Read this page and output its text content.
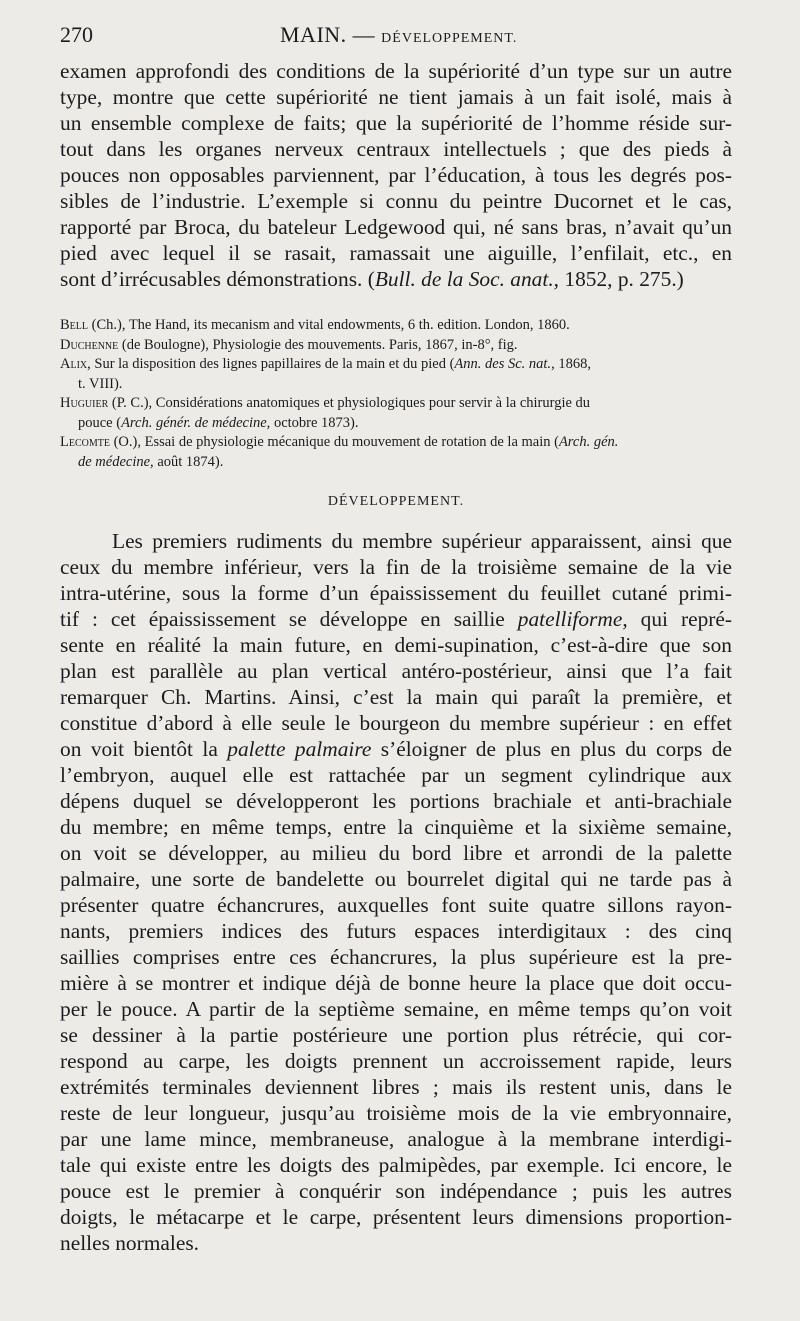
270	MAIN. — DÉVELOPPEMENT.
examen approfondi des conditions de la supériorité d’un type sur un autre
type, montre que cette supériorité ne tient jamais à un fait isolé, mais à
un ensemble complexe de faits; que la supériorité de l’homme réside sur-
tout dans les organes nerveux centraux intellectuels ; que des pieds à
pouces non opposables parviennent, par l’éducation, à tous les degrés pos-
sibles de l’industrie. L’exemple si connu du peintre Ducornet et le cas,
rapporté par Broca, du bateleur Ledgewood qui, né sans bras, n’avait qu’un
pied avec lequel il se rasait, ramassait une aiguille, l’enfilait, etc., en
sont d’irrécusables démonstrations. (Bull. de la Soc. anat., 1852, p. 275.)
Bell (Ch.), The Hand, its mecanism and vital endowments, 6 th. edition. London, 1860.
Duchenne (de Boulogne), Physiologie des mouvements. Paris, 1867, in-8°, fig.
Alix, Sur la disposition des lignes papillaires de la main et du pied (Ann. des Sc. nat., 1868,
t. VIII).
Huguier (P. C.), Considérations anatomiques et physiologiques pour servir à la chirurgie du
pouce (Arch. génér. de médecine, octobre 1873).
Lecomte (O.), Essai de physiologie mécanique du mouvement de rotation de la main (Arch. gén.
de médecine, août 1874).
DÉVELOPPEMENT.
Les premiers rudiments du membre supérieur apparaissent, ainsi que
ceux du membre inférieur, vers la fin de la troisième semaine de la vie
intra-utérine, sous la forme d’un épaississement du feuillet cutané primi-
tif : cet épaississement se développe en saillie patelliforme, qui repré-
sente en réalité la main future, en demi-supination, c’est-à-dire que son
plan est parallèle au plan vertical antéro-postérieur, ainsi que l’a fait
remarquer Ch. Martins. Ainsi, c’est la main qui paraît la première, et
constitue d’abord à elle seule le bourgeon du membre supérieur : en effet
on voit bientôt la palette palmaire s’éloigner de plus en plus du corps de
l’embryon, auquel elle est rattachée par un segment cylindrique aux
dépens duquel se développeront les portions brachiale et anti-brachiale
du membre; en même temps, entre la cinquième et la sixième semaine,
on voit se développer, au milieu du bord libre et arrondi de la palette
palmaire, une sorte de bandelette ou bourrelet digital qui ne tarde pas à
présenter quatre échancrures, auxquelles font suite quatre sillons rayon-
nants, premiers indices des futurs espaces interdigitaux : des cinq
saillies comprises entre ces échancrures, la plus supérieure est la pre-
mière à se montrer et indique déjà de bonne heure la place que doit occu-
per le pouce. A partir de la septième semaine, en même temps qu’on voit
se dessiner à la partie postérieure une portion plus rétrécie, qui cor-
respond au carpe, les doigts prennent un accroissement rapide, leurs
extrémités terminales deviennent libres ; mais ils restent unis, dans le
reste de leur longueur, jusqu’au troisième mois de la vie embryonnaire,
par une lame mince, membraneuse, analogue à la membrane interdigi-
tale qui existe entre les doigts des palmipèdes, par exemple. Ici encore, le
pouce est le premier à conquérir son indépendance ; puis les autres
doigts, le métacarpe et le carpe, présentent leurs dimensions proportion-
nelles normales.
